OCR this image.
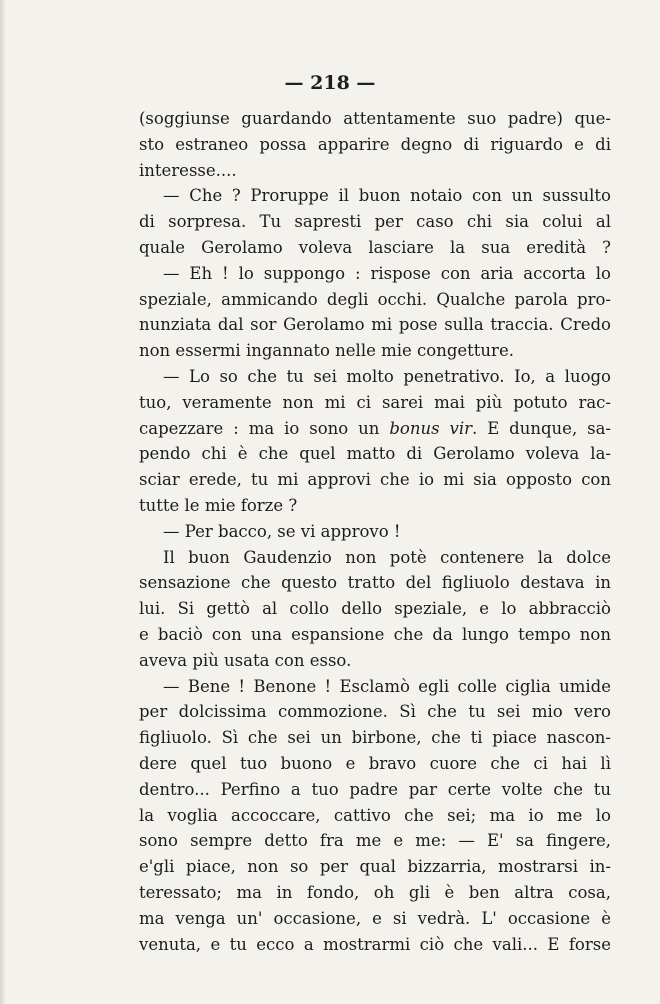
— 218 —
(soggiunse guardando attentamente suo padre) que-
sto estraneo possa apparire degno di riguardo e di
interesse....
— Che ? Proruppe il buon notaio con un sussulto
di sorpresa. Tu sapresti per caso chi sia colui al
quale Gerolamo voleva lasciare la sua eredità ?
— Eh ! lo suppongo : rispose con aria accorta lo
speziale, ammicando degli occhi. Qualche parola pro-
nunziata dal sor Gerolamo mi pose sulla traccia. Credo
non essermi ingannato nelle mie congetture.
— Lo so che tu sei molto penetrativo. Io, a luogo
tuo, veramente non mi ci sarei mai più potuto rac-
capezzare : ma io sono un bonus vir. E dunque, sa-
pendo chi è che quel matto di Gerolamo voleva la-
sciar erede, tu mi approvi che io mi sia opposto con
tutte le mie forze ?
— Per bacco, se vi approvo !
Il buon Gaudenzio non potè contenere la dolce
sensazione che questo tratto del figliuolo destava in
lui. Si gettò al collo dello speziale, e lo abbracciò
e baciò con una espansione che da lungo tempo non
aveva più usata con esso.
— Bene ! Benone ! Esclamò egli colle ciglia umide
per dolcissima commozione. Sì che tu sei mio vero
figliuolo. Sì che sei un birbone, che ti piace nascon-
dere quel tuo buono e bravo cuore che ci hai lì
dentro... Perfino a tuo padre par certe volte che tu
la voglia accoccare, cattivo che sei; ma io me lo
sono sempre detto fra me e me: — E' sa fingere,
e'gli piace, non so per qual bizzarria, mostrarsi in-
teressato; ma in fondo, oh gli è ben altra cosa,
ma venga un' occasione, e si vedrà. L' occasione è
venuta, e tu ecco a mostrarmi ciò che vali... E forse
